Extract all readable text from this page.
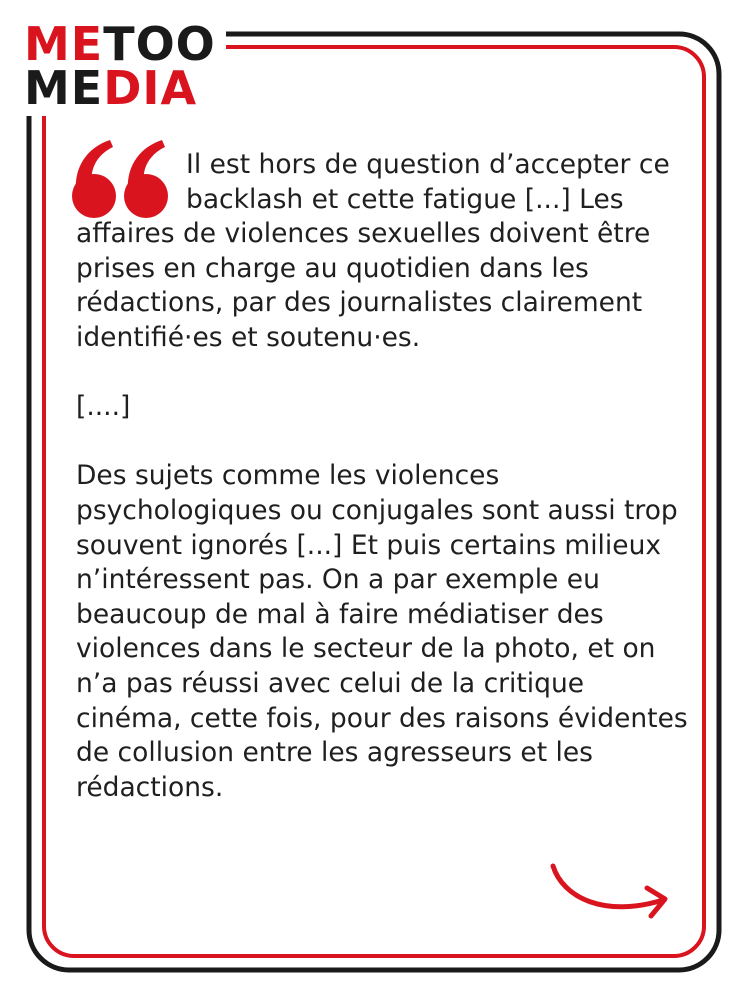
METOO
MEDIA

Il est hors de question d’accepter ce backlash et cette fatigue [...] Les affaires de violences sexuelles doivent être prises en charge au quotidien dans les rédactions, par des journalistes clairement identifié·es et soutenu·es.

[....]

Des sujets comme les violences psychologiques ou conjugales sont aussi trop souvent ignorés [...] Et puis certains milieux n’intéressent pas. On a par exemple eu beaucoup de mal à faire médiatiser des violences dans le secteur de la photo, et on n’a pas réussi avec celui de la critique cinéma, cette fois, pour des raisons évidentes de collusion entre les agresseurs et les rédactions.
